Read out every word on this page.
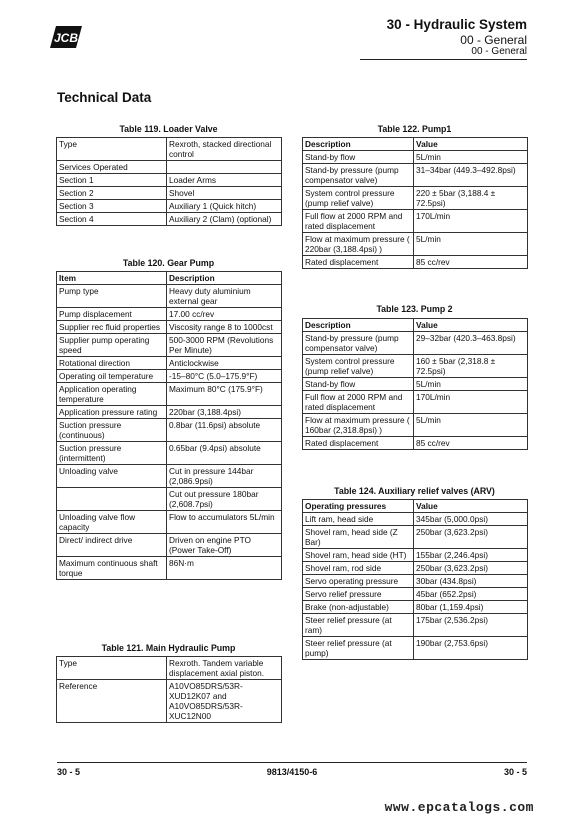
JCB
30 - Hydraulic System
00 - General
00 - General
Technical Data
Table 119. Loader Valve
Type	Rexroth, stacked directional control
Services Operated	
Section 1	Loader Arms
Section 2	Shovel
Section 3	Auxiliary 1 (Quick hitch)
Section 4	Auxiliary 2 (Clam) (optional)
Table 120. Gear Pump
Item	Description
Pump type	Heavy duty aluminium external gear
Pump displacement	17.00 cc/rev
Supplier rec fluid properties	Viscosity range 8 to 1000cst
Supplier pump operating speed	500-3000 RPM (Revolutions Per Minute)
Rotational direction	Anticlockwise
Operating oil temperature	-15–80°C (5.0–175.9°F)
Application operating temperature	Maximum 80°C (175.9°F)
Application pressure rating	220bar (3,188.4psi)
Suction pressure (continuous)	0.8bar (11.6psi) absolute
Suction pressure (intermittent)	0.65bar (9.4psi) absolute
Unloading valve	Cut in pressure 144bar (2,086.9psi)
	Cut out pressure 180bar (2,608.7psi)
Unloading valve flow capacity	Flow to accumulators 5L/min
Direct/ indirect drive	Driven on engine PTO (Power Take-Off)
Maximum continuous shaft torque	86N·m
Table 121. Main Hydraulic Pump
Type	Rexroth. Tandem variable displacement axial piston.
Reference	A10VO85DRS/53R-XUD12K07 and A10VO85DRS/53R-XUC12N00
Table 122. Pump1
Description	Value
Stand-by flow	5L/min
Stand-by pressure (pump compensator valve)	31–34bar (449.3–492.8psi)
System control pressure (pump relief valve)	220 ± 5bar (3,188.4 ± 72.5psi)
Full flow at 2000 RPM and rated displacement	170L/min
Flow at maximum pressure ( 220bar (3,188.4psi) )	5L/min
Rated displacement	85 cc/rev
Table 123. Pump 2
Description	Value
Stand-by pressure (pump compensator valve)	29–32bar (420.3–463.8psi)
System control pressure (pump relief valve)	160 ± 5bar (2,318.8 ± 72.5psi)
Stand-by flow	5L/min
Full flow at 2000 RPM and rated displacement	170L/min
Flow at maximum pressure ( 160bar (2,318.8psi) )	5L/min
Rated displacement	85 cc/rev
Table 124. Auxiliary relief valves (ARV)
Operating pressures	Value
Lift ram, head side	345bar (5,000.0psi)
Shovel ram, head side (Z Bar)	250bar (3,623.2psi)
Shovel ram, head side (HT)	155bar (2,246.4psi)
Shovel ram, rod side	250bar (3,623.2psi)
Servo operating pressure	30bar (434.8psi)
Servo relief pressure	45bar (652.2psi)
Brake (non-adjustable)	80bar (1,159.4psi)
Steer relief pressure (at ram)	175bar (2,536.2psi)
Steer relief pressure (at pump)	190bar (2,753.6psi)
30 - 5	9813/4150-6	30 - 5
www.epcatalogs.com
